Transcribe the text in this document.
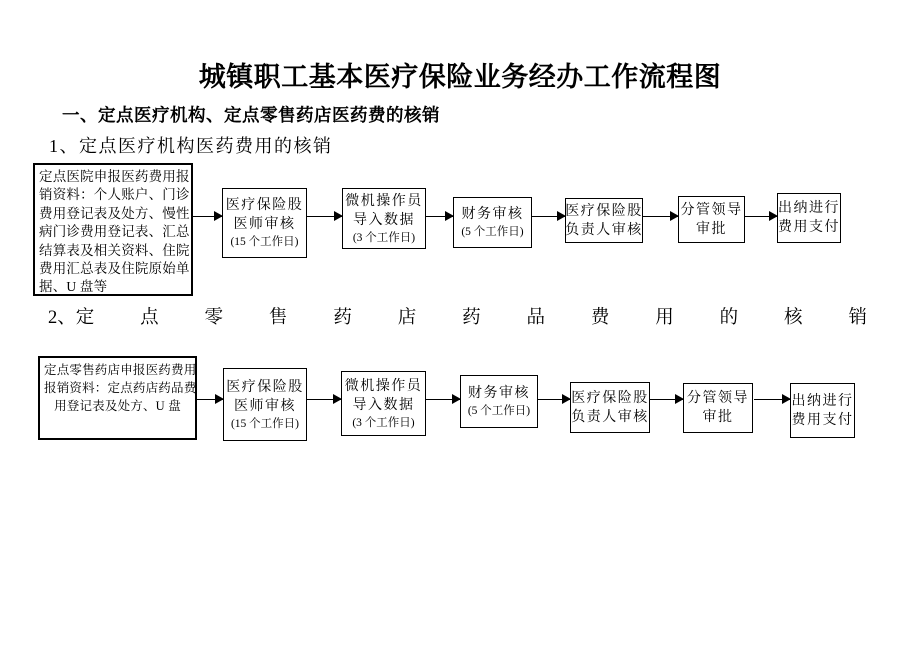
城镇职工基本医疗保险业务经办工作流程图
一、定点医疗机构、定点零售药店医药费的核销
1、定点医疗机构医药费用的核销
定点医院申报医药费用报
销资料：个人账户、门诊
费用登记表及处方、慢性
病门诊费用登记表、汇总
结算表及相关资料、住院
费用汇总表及住院原始单
据、U 盘等
医疗保险股
医师审核
(15 个工作日)
微机操作员
导入数据
(3 个工作日)
财务审核
(5 个工作日)
医疗保险股
负责人审核
分管领导
审批
出纳进行
费用支付
2、定 点 零 售 药 店 药 品 费 用 的 核 销
定点零售药店申报医药费用
报销资料：定点药店药品费
用登记表及处方、U 盘
医疗保险股
医师审核
(15 个工作日)
微机操作员
导入数据
(3 个工作日)
财务审核
(5 个工作日)
医疗保险股
负责人审核
分管领导
审批
出纳进行
费用支付
